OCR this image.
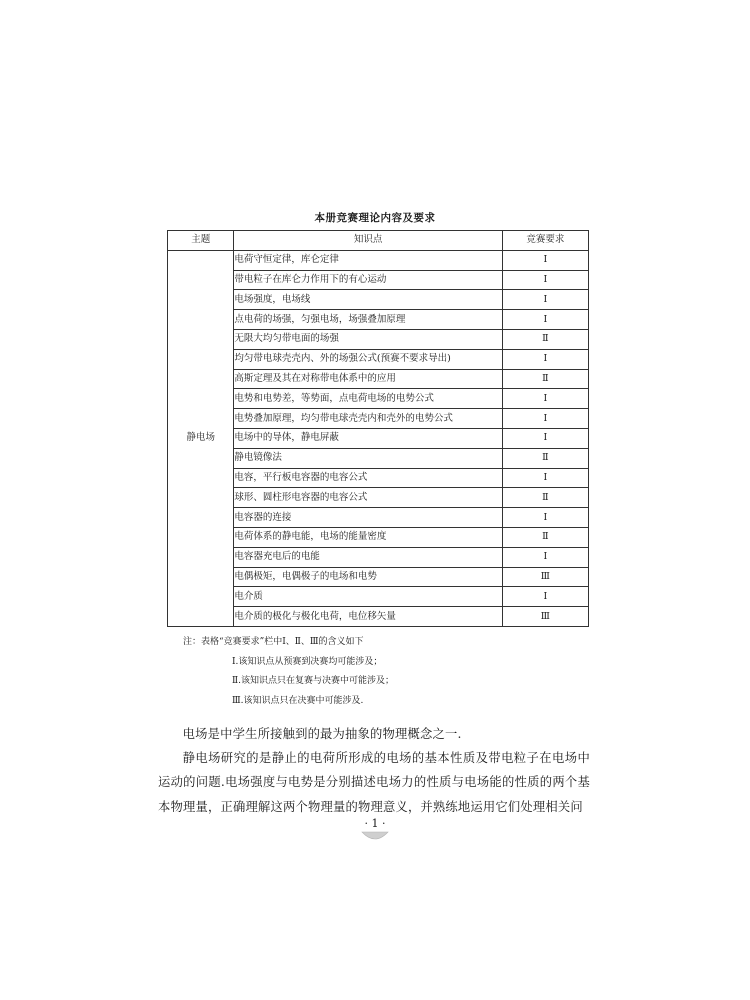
本册竞赛理论内容及要求
主题	知识点	竞赛要求
静电场	电荷守恒定律，库仑定律	Ⅰ
	带电粒子在库仑力作用下的有心运动	Ⅰ
	电场强度，电场线	Ⅰ
	点电荷的场强，匀强电场，场强叠加原理	Ⅰ
	无限大均匀带电面的场强	Ⅱ
	均匀带电球壳壳内、外的场强公式(预赛不要求导出)	Ⅰ
	高斯定理及其在对称带电体系中的应用	Ⅱ
	电势和电势差，等势面，点电荷电场的电势公式	Ⅰ
	电势叠加原理，均匀带电球壳壳内和壳外的电势公式	Ⅰ
	电场中的导体，静电屏蔽	Ⅰ
	静电镜像法	Ⅱ
	电容，平行板电容器的电容公式	Ⅰ
	球形、圆柱形电容器的电容公式	Ⅱ
	电容器的连接	Ⅰ
	电荷体系的静电能，电场的能量密度	Ⅱ
	电容器充电后的电能	Ⅰ
	电偶极矩，电偶极子的电场和电势	Ⅲ
	电介质	Ⅰ
	电介质的极化与极化电荷，电位移矢量	Ⅲ
注：表格“竞赛要求”栏中Ⅰ、Ⅱ、Ⅲ的含义如下
Ⅰ.该知识点从预赛到决赛均可能涉及；
Ⅱ.该知识点只在复赛与决赛中可能涉及；
Ⅲ.该知识点只在决赛中可能涉及.

电场是中学生所接触到的最为抽象的物理概念之一.

静电场研究的是静止的电荷所形成的电场的基本性质及带电粒子在电场中运动的问题.电场强度与电势是分别描述电场力的性质与电场能的性质的两个基本物理量，正确理解这两个物理量的物理意义，并熟练地运用它们处理相关问

· 1 ·
